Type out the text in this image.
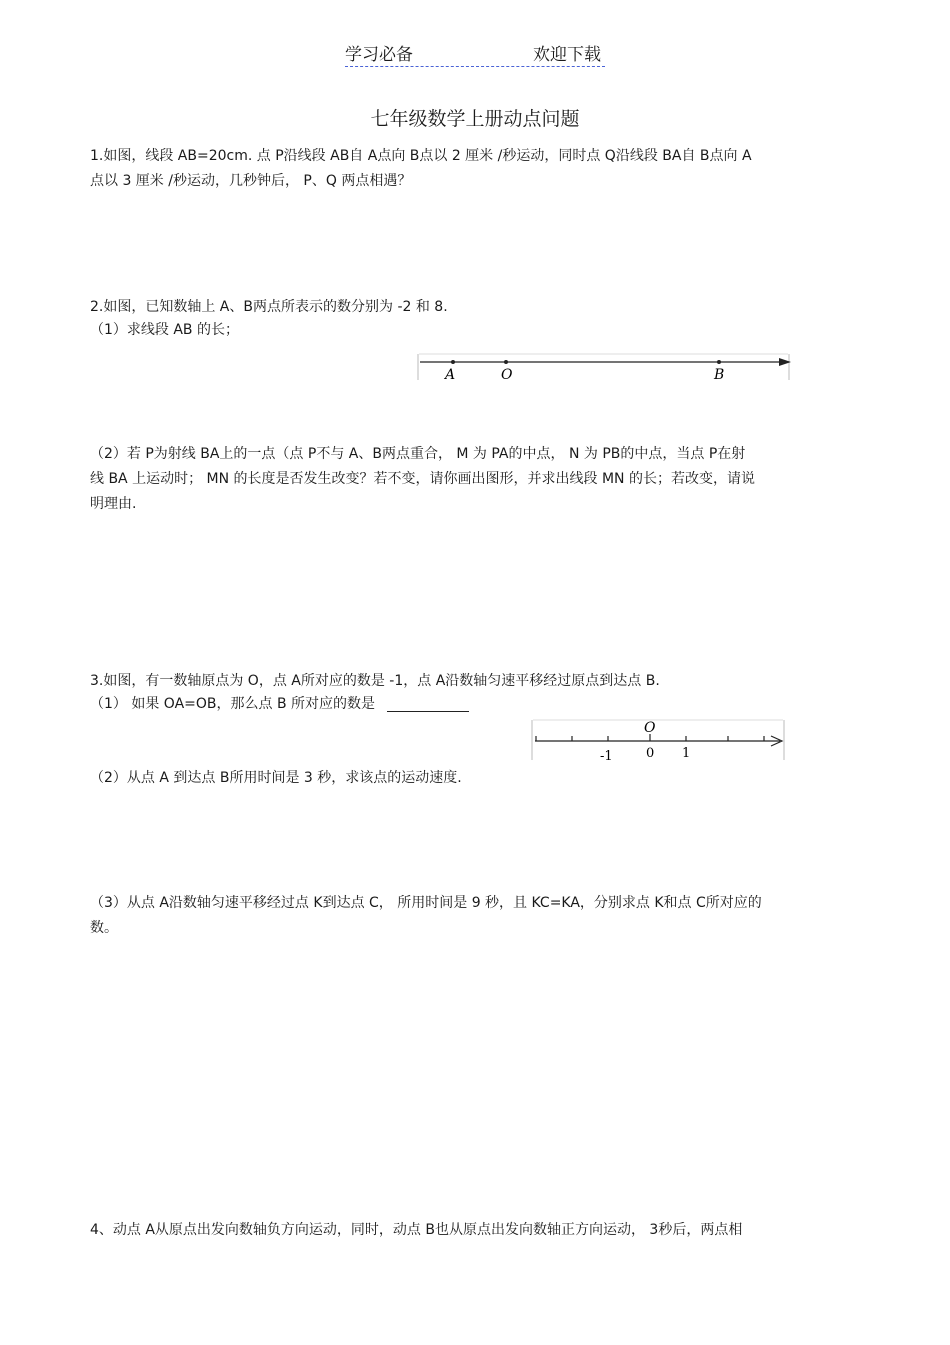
学习必备	欢迎下载
七年级数学上册动点问题
1.如图，线段 AB=20cm. 点 P沿线段 AB自 A点向 B点以 2 厘米 /秒运动，同时点 Q沿线段 BA自 B点向 A
点以 3 厘米 /秒运动，几秒钟后， P、Q 两点相遇？
2.如图，已知数轴上 A、B两点所表示的数分别为 -2 和 8.
（1）求线段 AB 的长；
A	O	B
（2）若 P为射线 BA上的一点（点 P不与 A、B两点重合， M 为 PA的中点， N 为 PB的中点，当点 P在射
线 BA 上运动时； MN 的长度是否发生改变？若不变，请你画出图形，并求出线段 MN 的长；若改变，请说
明理由.
3.如图，有一数轴原点为 O，点 A所对应的数是 -1，点 A沿数轴匀速平移经过原点到达点 B.
（1） 如果 OA=OB，那么点 B 所对应的数是
O
-1	0 1
（2）从点 A 到达点 B所用时间是 3 秒，求该点的运动速度.
（3）从点 A沿数轴匀速平移经过点 K到达点 C， 所用时间是 9 秒，且 KC=KA，分别求点 K和点 C所对应的
数。
4、动点 A从原点出发向数轴负方向运动，同时，动点 B也从原点出发向数轴正方向运动， 3秒后，两点相
